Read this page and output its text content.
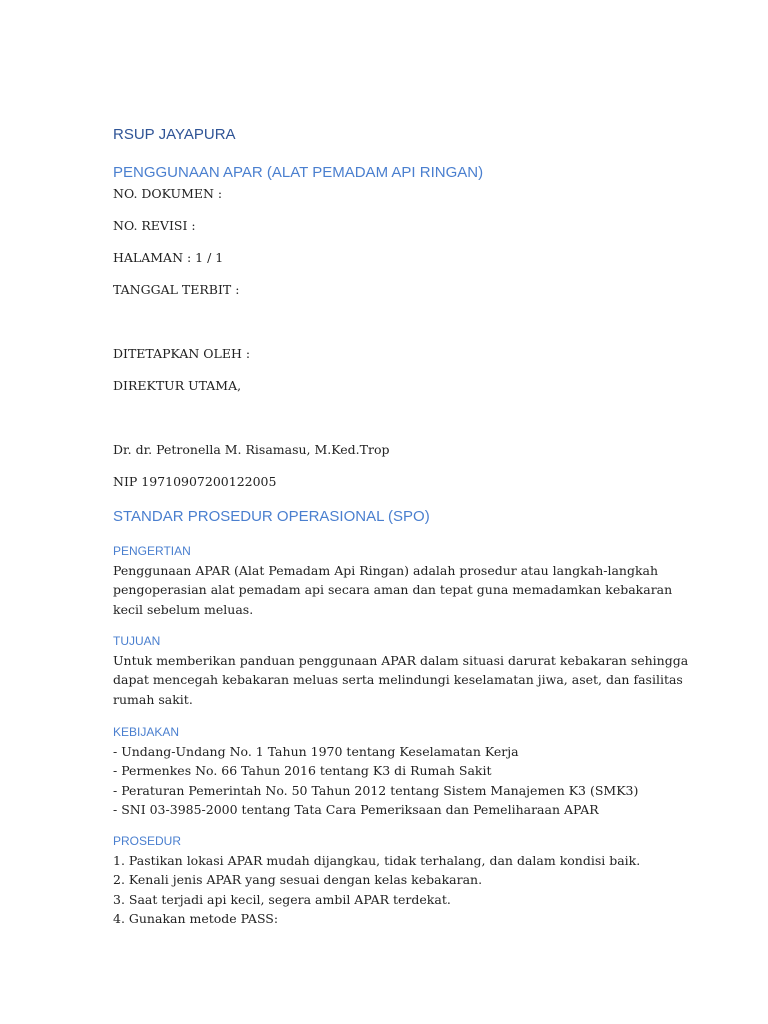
RSUP JAYAPURA
PENGGUNAAN APAR (ALAT PEMADAM API RINGAN)
NO. DOKUMEN :
NO. REVISI :
HALAMAN : 1 / 1
TANGGAL TERBIT :
DITETAPKAN OLEH :
DIREKTUR UTAMA,
Dr. dr. Petronella M. Risamasu, M.Ked.Trop
NIP 19710907200122005
STANDAR PROSEDUR OPERASIONAL (SPO)
PENGERTIAN
Penggunaan APAR (Alat Pemadam Api Ringan) adalah prosedur atau langkah-langkah
pengoperasian alat pemadam api secara aman dan tepat guna memadamkan kebakaran
kecil sebelum meluas.
TUJUAN
Untuk memberikan panduan penggunaan APAR dalam situasi darurat kebakaran sehingga
dapat mencegah kebakaran meluas serta melindungi keselamatan jiwa, aset, dan fasilitas
rumah sakit.
KEBIJAKAN
- Undang-Undang No. 1 Tahun 1970 tentang Keselamatan Kerja
- Permenkes No. 66 Tahun 2016 tentang K3 di Rumah Sakit
- Peraturan Pemerintah No. 50 Tahun 2012 tentang Sistem Manajemen K3 (SMK3)
- SNI 03-3985-2000 tentang Tata Cara Pemeriksaan dan Pemeliharaan APAR
PROSEDUR
1. Pastikan lokasi APAR mudah dijangkau, tidak terhalang, dan dalam kondisi baik.
2. Kenali jenis APAR yang sesuai dengan kelas kebakaran.
3. Saat terjadi api kecil, segera ambil APAR terdekat.
4. Gunakan metode PASS:
